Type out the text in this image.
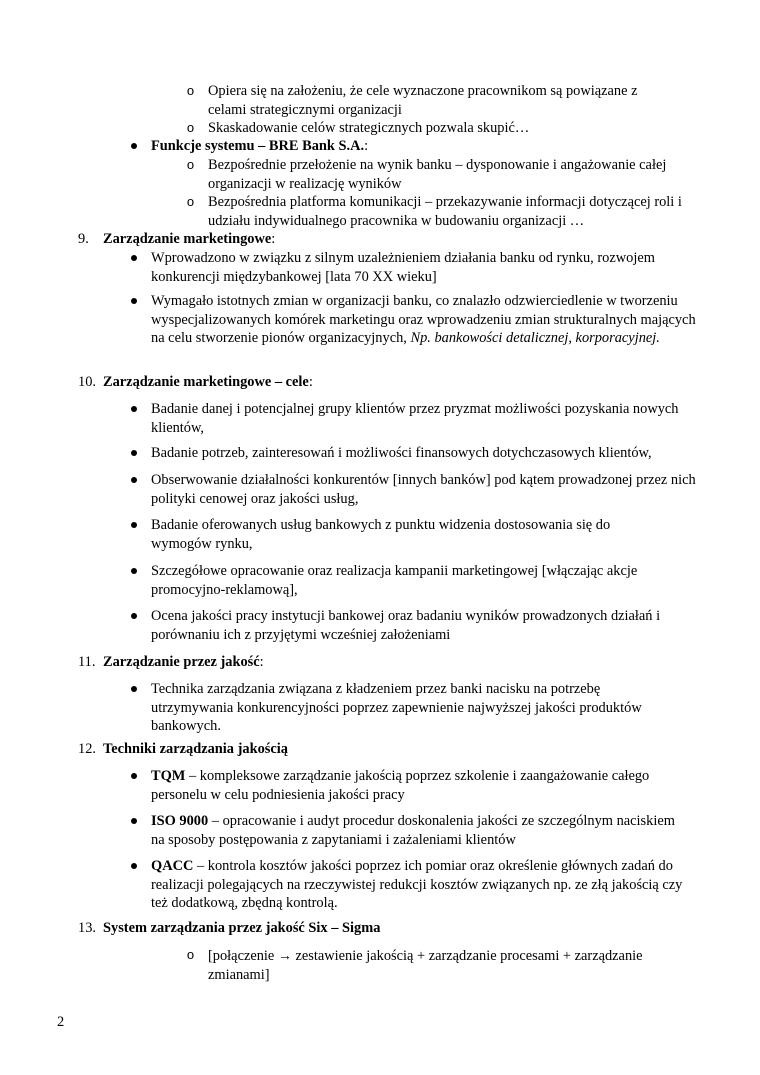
o Opiera się na założeniu, że cele wyznaczone pracownikom są powiązane z celami strategicznymi organizacji
o Skaskadowanie celów strategicznych pozwala skupić…
Funkcje systemu – BRE Bank S.A.:
o Bezpośrednie przełożenie na wynik banku – dysponowanie i angażowanie całej organizacji w realizację wyników
o Bezpośrednia platforma komunikacji – przekazywanie informacji dotyczącej roli i udziału indywidualnego pracownika w budowaniu organizacji …
9. Zarządzanie marketingowe:
Wprowadzono w związku z silnym uzależnieniem działania banku od rynku, rozwojem konkurencji międzybankowej [lata 70 XX wieku]
Wymagało istotnych zmian w organizacji banku, co znalazło odzwierciedlenie w tworzeniu wyspecjalizowanych komórek marketingu oraz wprowadzeniu zmian strukturalnych mających na celu stworzenie pionów organizacyjnych, Np. bankowości detalicznej, korporacyjnej.
10. Zarządzanie marketingowe – cele:
Badanie danej i potencjalnej grupy klientów przez pryzmat możliwości pozyskania nowych klientów,
Badanie potrzeb, zainteresowań i możliwości finansowych dotychczasowych klientów,
Obserwowanie działalności konkurentów [innych banków] pod kątem prowadzonej przez nich polityki cenowej oraz jakości usług,
Badanie oferowanych usług bankowych z punktu widzenia dostosowania się do wymogów rynku,
Szczegółowe opracowanie oraz realizacja kampanii marketingowej [włączając akcje promocyjno-reklamową],
Ocena jakości pracy instytucji bankowej oraz badaniu wyników prowadzonych działań i porównaniu ich z przyjętymi wcześniej założeniami
11. Zarządzanie przez jakość:
Technika zarządzania związana z kładzeniem przez banki nacisku na potrzebę utrzymywania konkurencyjności poprzez zapewnienie najwyższej jakości produktów bankowych.
12. Techniki zarządzania jakością
TQM – kompleksowe zarządzanie jakością poprzez szkolenie i zaangażowanie całego personelu w celu podniesienia jakości pracy
ISO 9000 – opracowanie i audyt procedur doskonalenia jakości ze szczególnym naciskiem na sposoby postępowania z zapytaniami i zażaleniami klientów
QACC – kontrola kosztów jakości poprzez ich pomiar oraz określenie głównych zadań do realizacji polegających na rzeczywistej redukcji kosztów związanych np. ze złą jakością czy też dodatkową, zbędną kontrolą.
13. System zarządzania przez jakość Six – Sigma
o [połączenie → zestawienie jakością + zarządzanie procesami + zarządzanie zmianami]
2
